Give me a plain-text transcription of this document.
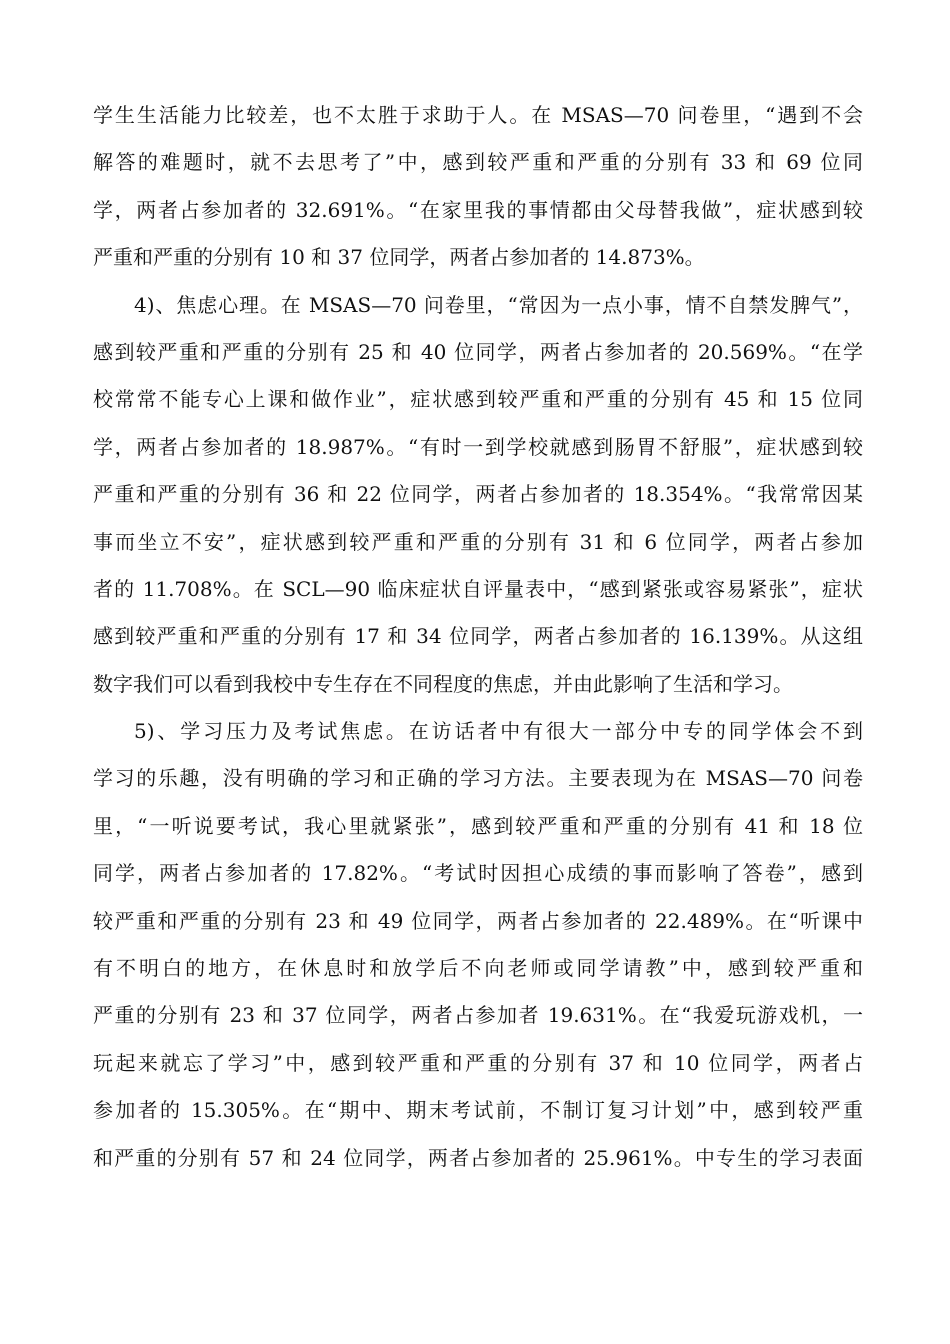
学生生活能力比较差，也不太胜于求助于人。在 MSAS—70 问卷里，“遇到不会
解答的难题时，就不去思考了”中，感到较严重和严重的分别有 33 和 69 位同
学，两者占参加者的 32.691%。“在家里我的事情都由父母替我做”，症状感到较
严重和严重的分别有 10 和 37 位同学，两者占参加者的 14.873%。
4)、焦虑心理。在 MSAS—70 问卷里，“常因为一点小事，情不自禁发脾气”，
感到较严重和严重的分别有 25 和 40 位同学，两者占参加者的 20.569%。“在学
校常常不能专心上课和做作业”，症状感到较严重和严重的分别有 45 和 15 位同
学，两者占参加者的 18.987%。“有时一到学校就感到肠胃不舒服”，症状感到较
严重和严重的分别有 36 和 22 位同学，两者占参加者的 18.354%。“我常常因某
事而坐立不安”，症状感到较严重和严重的分别有 31 和 6 位同学，两者占参加
者的 11.708%。在 SCL—90 临床症状自评量表中，“感到紧张或容易紧张”，症状
感到较严重和严重的分别有 17 和 34 位同学，两者占参加者的 16.139%。从这组
数字我们可以看到我校中专生存在不同程度的焦虑，并由此影响了生活和学习。
5)、学习压力及考试焦虑。在访话者中有很大一部分中专的同学体会不到
学习的乐趣，没有明确的学习和正确的学习方法。主要表现为在 MSAS—70 问卷
里，“一听说要考试，我心里就紧张”，感到较严重和严重的分别有 41 和 18 位
同学，两者占参加者的 17.82%。“考试时因担心成绩的事而影响了答卷”，感到
较严重和严重的分别有 23 和 49 位同学，两者占参加者的 22.489%。在“听课中
有不明白的地方，在休息时和放学后不向老师或同学请教”中，感到较严重和
严重的分别有 23 和 37 位同学，两者占参加者 19.631%。在“我爱玩游戏机，一
玩起来就忘了学习”中，感到较严重和严重的分别有 37 和 10 位同学，两者占
参加者的 15.305%。在“期中、期末考试前，不制订复习计划”中，感到较严重
和严重的分别有 57 和 24 位同学，两者占参加者的 25.961%。中专生的学习表面
